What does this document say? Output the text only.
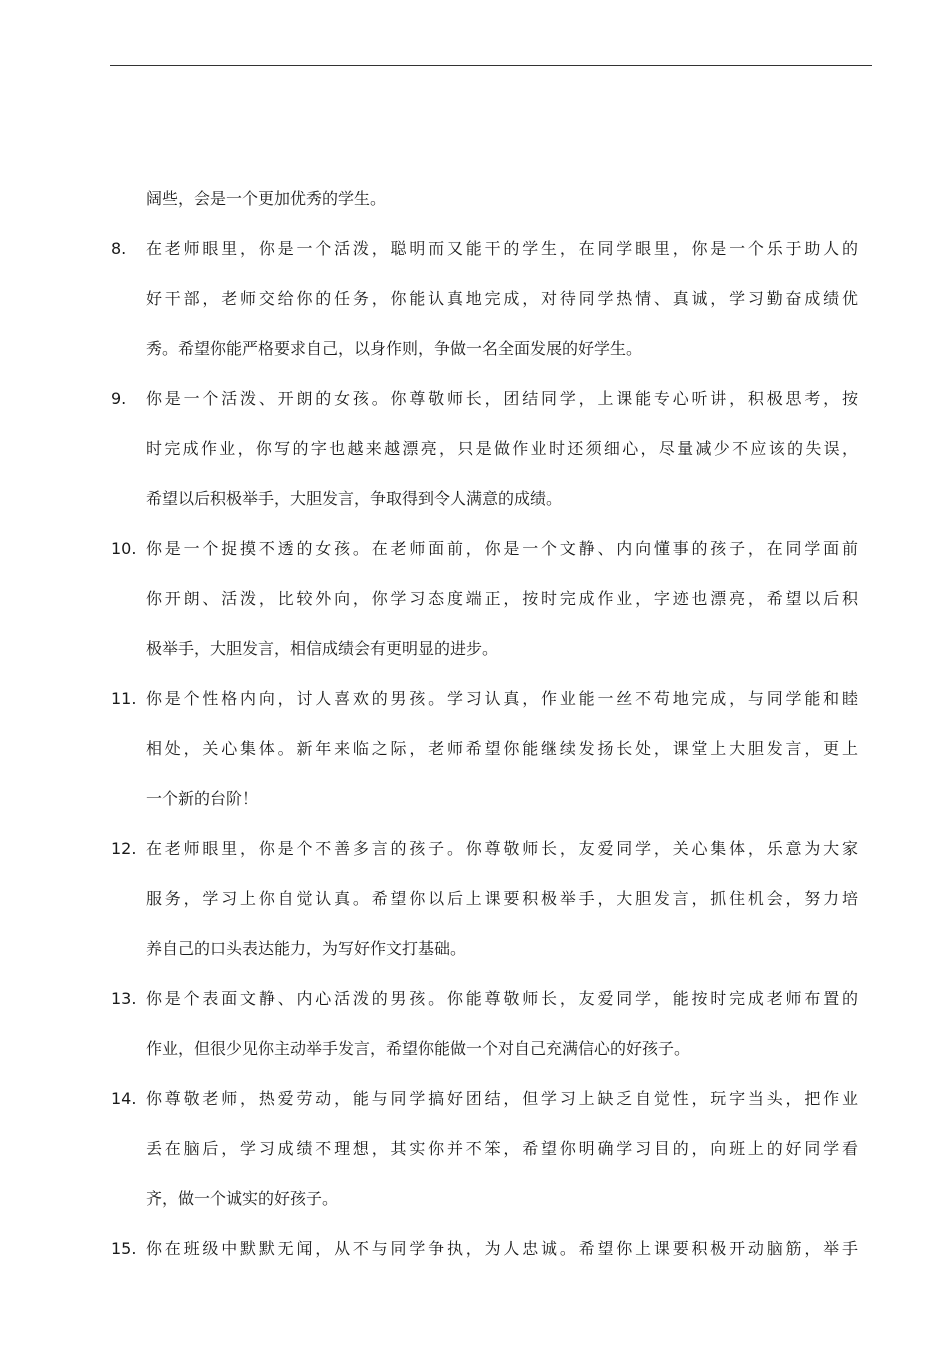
阔些，会是一个更加优秀的学生。
8. 在老师眼里，你是一个活泼，聪明而又能干的学生，在同学眼里，你是一个乐于助人的
好干部，老师交给你的任务，你能认真地完成，对待同学热情、真诚，学习勤奋成绩优
秀。希望你能严格要求自己，以身作则，争做一名全面发展的好学生。
9. 你是一个活泼、开朗的女孩。你尊敬师长，团结同学，上课能专心听讲，积极思考，按
时完成作业，你写的字也越来越漂亮，只是做作业时还须细心，尽量减少不应该的失误，
希望以后积极举手，大胆发言，争取得到令人满意的成绩。
10. 你是一个捉摸不透的女孩。在老师面前，你是一个文静、内向懂事的孩子，在同学面前
你开朗、活泼，比较外向，你学习态度端正，按时完成作业，字迹也漂亮，希望以后积
极举手，大胆发言，相信成绩会有更明显的进步。
11. 你是个性格内向，讨人喜欢的男孩。学习认真，作业能一丝不苟地完成，与同学能和睦
相处，关心集体。新年来临之际，老师希望你能继续发扬长处，课堂上大胆发言，更上
一个新的台阶！
12. 在老师眼里，你是个不善多言的孩子。你尊敬师长，友爱同学，关心集体，乐意为大家
服务，学习上你自觉认真。希望你以后上课要积极举手，大胆发言，抓住机会，努力培
养自己的口头表达能力，为写好作文打基础。
13. 你是个表面文静、内心活泼的男孩。你能尊敬师长，友爱同学，能按时完成老师布置的
作业，但很少见你主动举手发言，希望你能做一个对自己充满信心的好孩子。
14. 你尊敬老师，热爱劳动，能与同学搞好团结，但学习上缺乏自觉性，玩字当头，把作业
丢在脑后，学习成绩不理想，其实你并不笨，希望你明确学习目的，向班上的好同学看
齐，做一个诚实的好孩子。
15. 你在班级中默默无闻，从不与同学争执，为人忠诚。希望你上课要积极开动脑筋，举手
